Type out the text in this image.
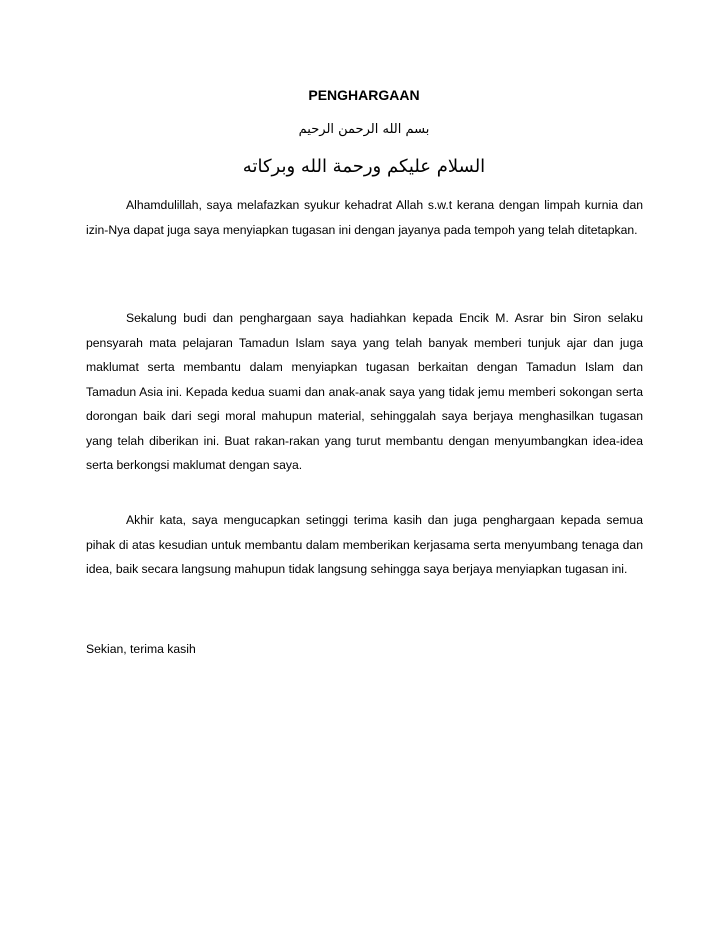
PENGHARGAAN
بسم الله الرحمن الرحيم
السلام عليكم ورحمة الله وبركاته

Alhamdulillah, saya melafazkan syukur kehadrat Allah s.w.t kerana dengan limpah kurnia dan izin-Nya dapat juga saya menyiapkan tugasan ini dengan jayanya pada tempoh yang telah ditetapkan.

Sekalung budi dan penghargaan saya hadiahkan kepada Encik M. Asrar bin Siron selaku pensyarah mata pelajaran Tamadun Islam saya yang telah banyak memberi tunjuk ajar dan juga maklumat serta membantu dalam menyiapkan tugasan berkaitan dengan Tamadun Islam dan Tamadun Asia ini. Kepada kedua suami dan anak-anak saya yang tidak jemu memberi sokongan serta dorongan baik dari segi moral mahupun material, sehinggalah saya berjaya menghasilkan tugasan yang telah diberikan ini. Buat rakan-rakan yang turut membantu dengan menyumbangkan idea-idea serta berkongsi maklumat dengan saya.

Akhir kata, saya mengucapkan setinggi terima kasih dan juga penghargaan kepada semua pihak di atas kesudian untuk membantu dalam memberikan kerjasama serta menyumbang tenaga dan idea, baik secara langsung mahupun tidak langsung sehingga saya berjaya menyiapkan tugasan ini.

Sekian, terima kasih
